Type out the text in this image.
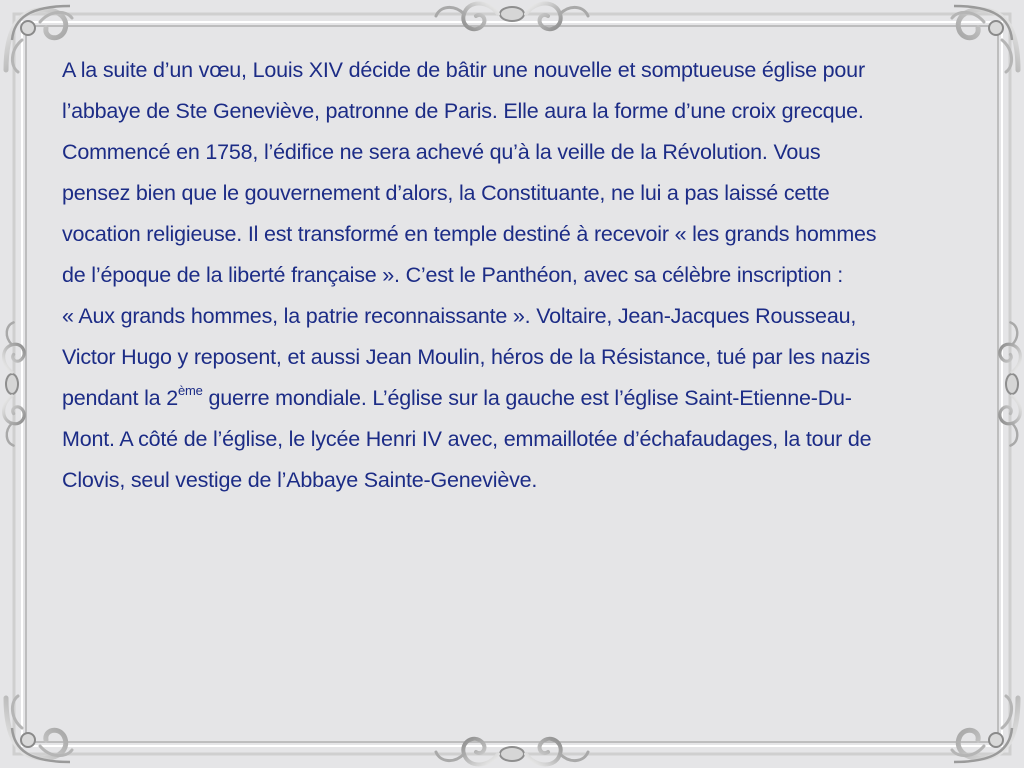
A la suite d’un vœu, Louis XIV décide de bâtir une nouvelle et somptueuse église pour
l’abbaye de Ste Geneviève, patronne de Paris. Elle aura la forme d’une croix grecque.
Commencé en 1758, l’édifice ne sera achevé qu’à la veille de la Révolution. Vous
pensez bien que le gouvernement d’alors, la Constituante, ne lui a pas laissé cette
vocation religieuse. Il est transformé en temple destiné à recevoir « les grands hommes
de l’époque de la liberté française ». C’est le Panthéon, avec sa célèbre inscription :
« Aux grands hommes, la patrie reconnaissante ». Voltaire, Jean-Jacques Rousseau,
Victor Hugo y reposent, et aussi Jean Moulin, héros de la Résistance, tué par les nazis
pendant la 2ème guerre mondiale. L’église sur la gauche est l’église Saint-Etienne-Du-
Mont. A côté de l’église, le lycée Henri IV avec, emmaillotée d’échafaudages, la tour de
Clovis, seul vestige de l’Abbaye Sainte-Geneviève.
